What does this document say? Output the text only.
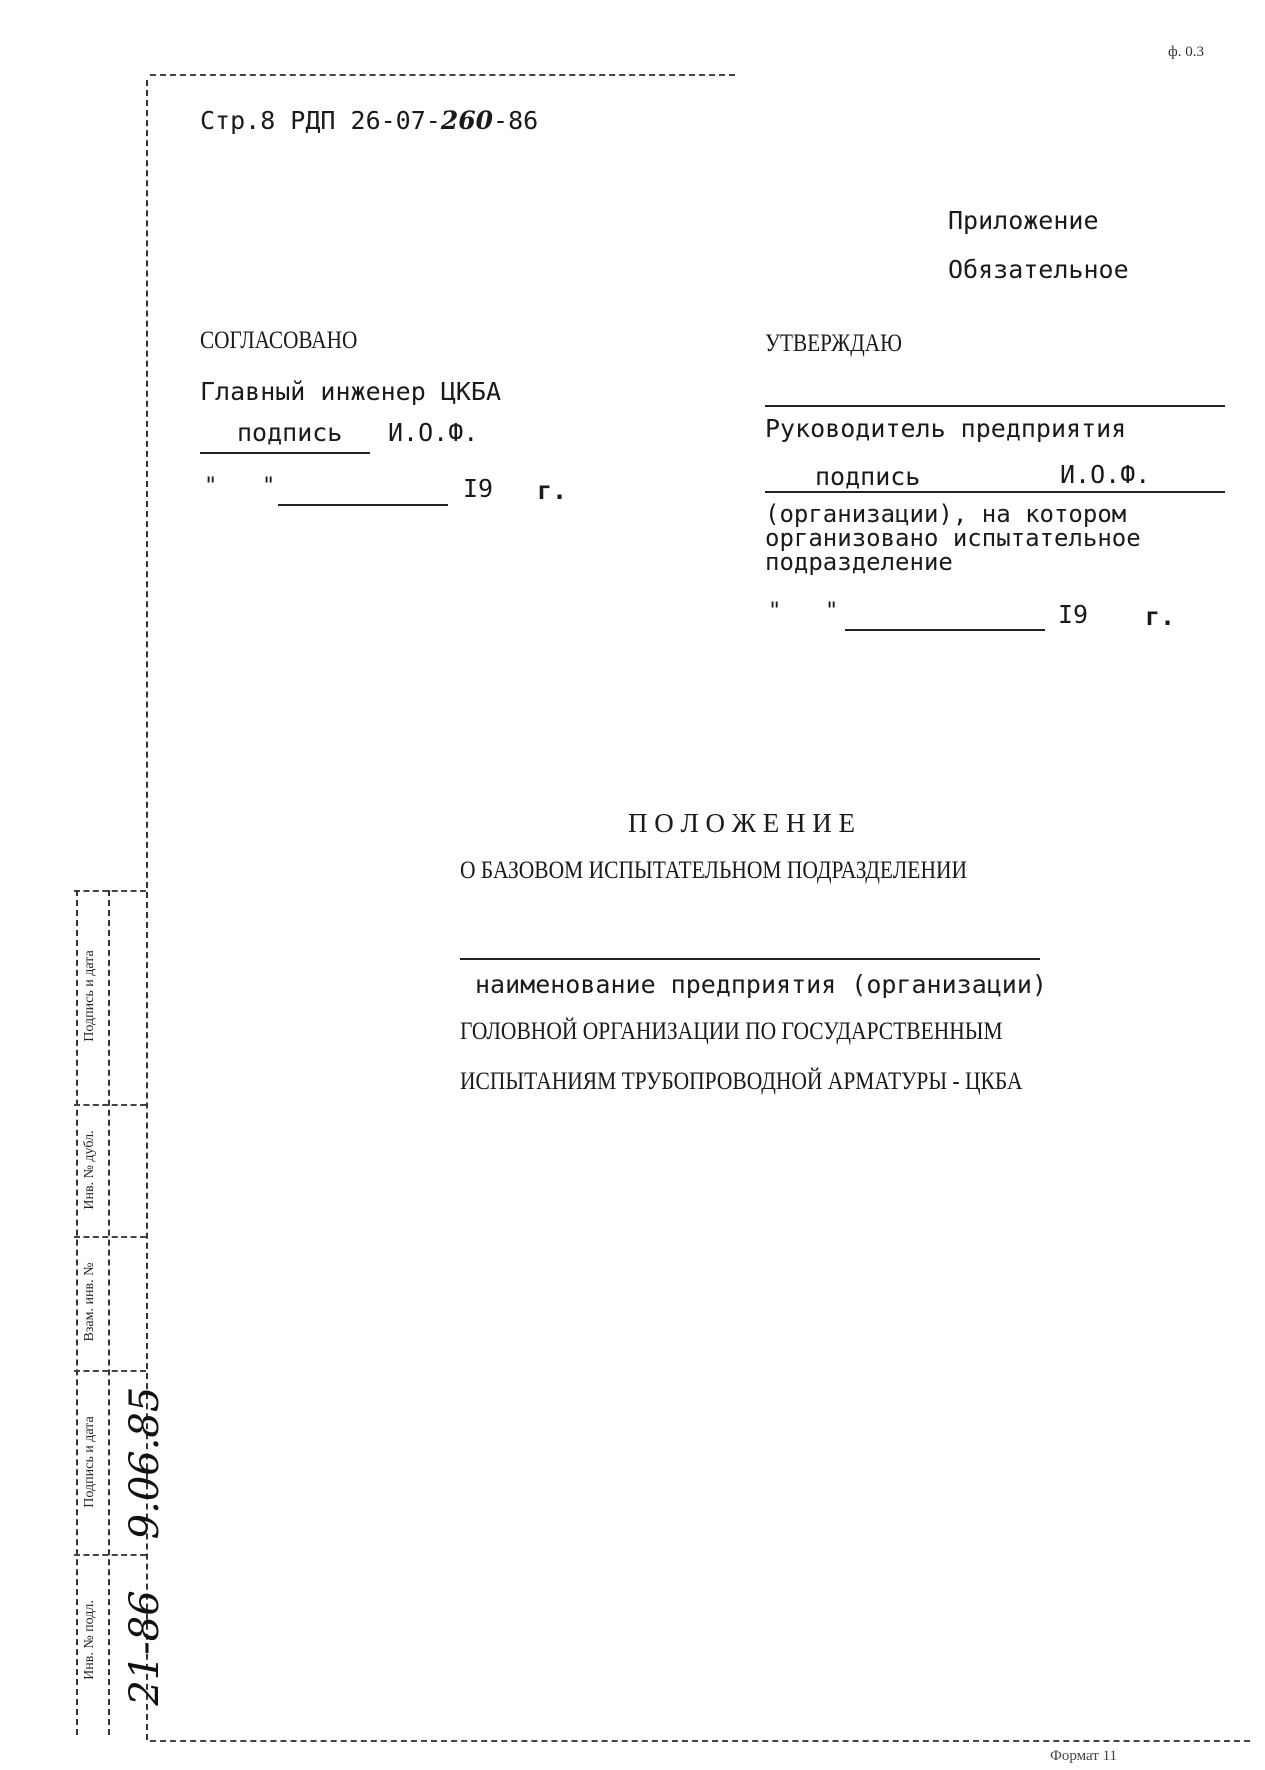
ф. 0.3
Стр.8 РДП 26-07-260-86
Приложение
Обязательное
СОГЛАСОВАНО
Главный инженер ЦКБА
подпись И.О.Ф.
" "	I9 г.
УТВЕРЖДАЮ
Руководитель предприятия
подпись	И.О.Ф.
(организации), на котором
организовано испытательное
подразделение
" "	I9 г.
П О Л О Ж Е Н И Е
О БАЗОВОМ ИСПЫТАТЕЛЬНОМ ПОДРАЗДЕЛЕНИИ
наименование предприятия (организации)
ГОЛОВНОЙ ОРГАНИЗАЦИИ ПО ГОСУДАРСТВЕННЫМ
ИСПЫТАНИЯМ ТРУБОПРОВОДНОЙ АРМАТУРЫ - ЦКБА
Подпись и дата
Инв. № дубл.
Взам. инв. №
Подпись и дата 9.06.85
Инв. № подл. 21-86
Формат 11
